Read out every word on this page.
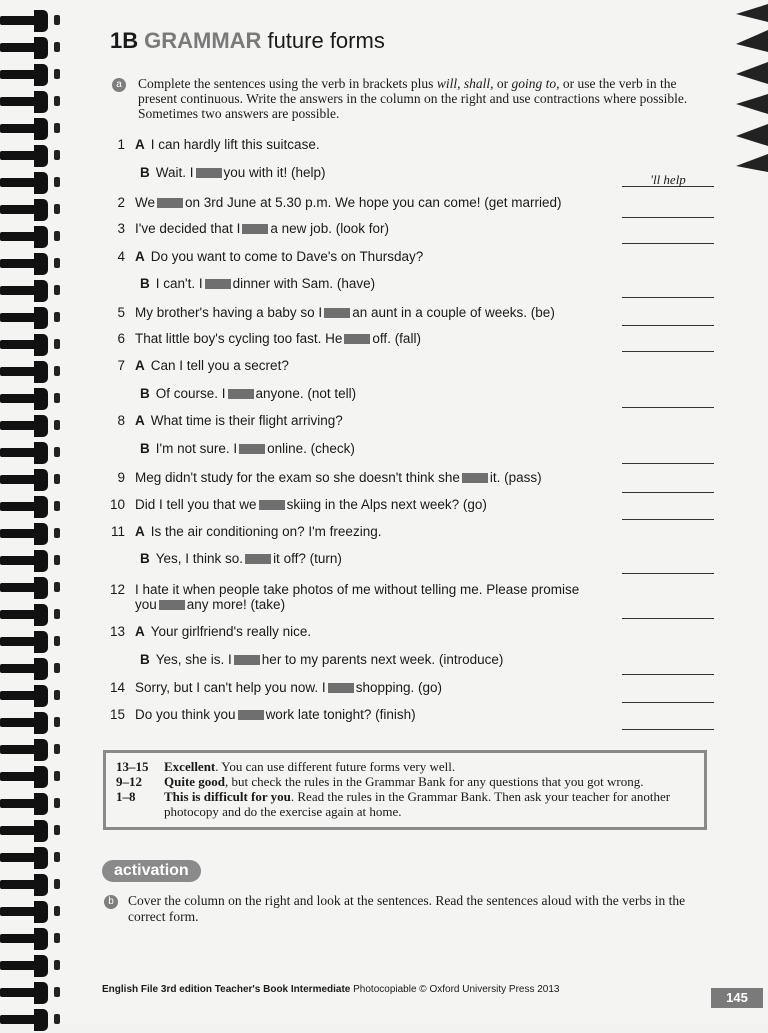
1B GRAMMAR future forms
a	Complete the sentences using the verb in brackets plus will, shall, or going to, or use the verb in the present continuous. Write the answers in the column on the right and use contractions where possible. Sometimes two answers are possible.

1 A I can hardly lift this suitcase.
B Wait. I you with it! (help)	'll help
2 We on 3rd June at 5.30 p.m. We hope you can come! (get married)
3 I've decided that I a new job. (look for)
4 A Do you want to come to Dave's on Thursday?
B I can't. I dinner with Sam. (have)
5 My brother's having a baby so I an aunt in a couple of weeks. (be)
6 That little boy's cycling too fast. He off. (fall)
7 A Can I tell you a secret?
B Of course. I anyone. (not tell)
8 A What time is their flight arriving?
B I'm not sure. I online. (check)
9 Meg didn't study for the exam so she doesn't think she it. (pass)
10 Did I tell you that we skiing in the Alps next week? (go)
11 A Is the air conditioning on? I'm freezing.
B Yes, I think so. it off? (turn)
12 I hate it when people take photos of me without telling me. Please promise
you any more! (take)
13 A Your girlfriend's really nice.
B Yes, she is. I her to my parents next week. (introduce)
14 Sorry, but I can't help you now. I shopping. (go)
15 Do you think you work late tonight? (finish)
13–15	Excellent. You can use different future forms very well.
9–12	Quite good, but check the rules in the Grammar Bank for any questions that you got wrong.
1–8	This is difficult for you. Read the rules in the Grammar Bank. Then ask your teacher for another photocopy and do the exercise again at home.
activation
b	Cover the column on the right and look at the sentences. Read the sentences aloud with the verbs in the correct form.

English File 3rd edition Teacher's Book Intermediate Photocopiable © Oxford University Press 2013
145
